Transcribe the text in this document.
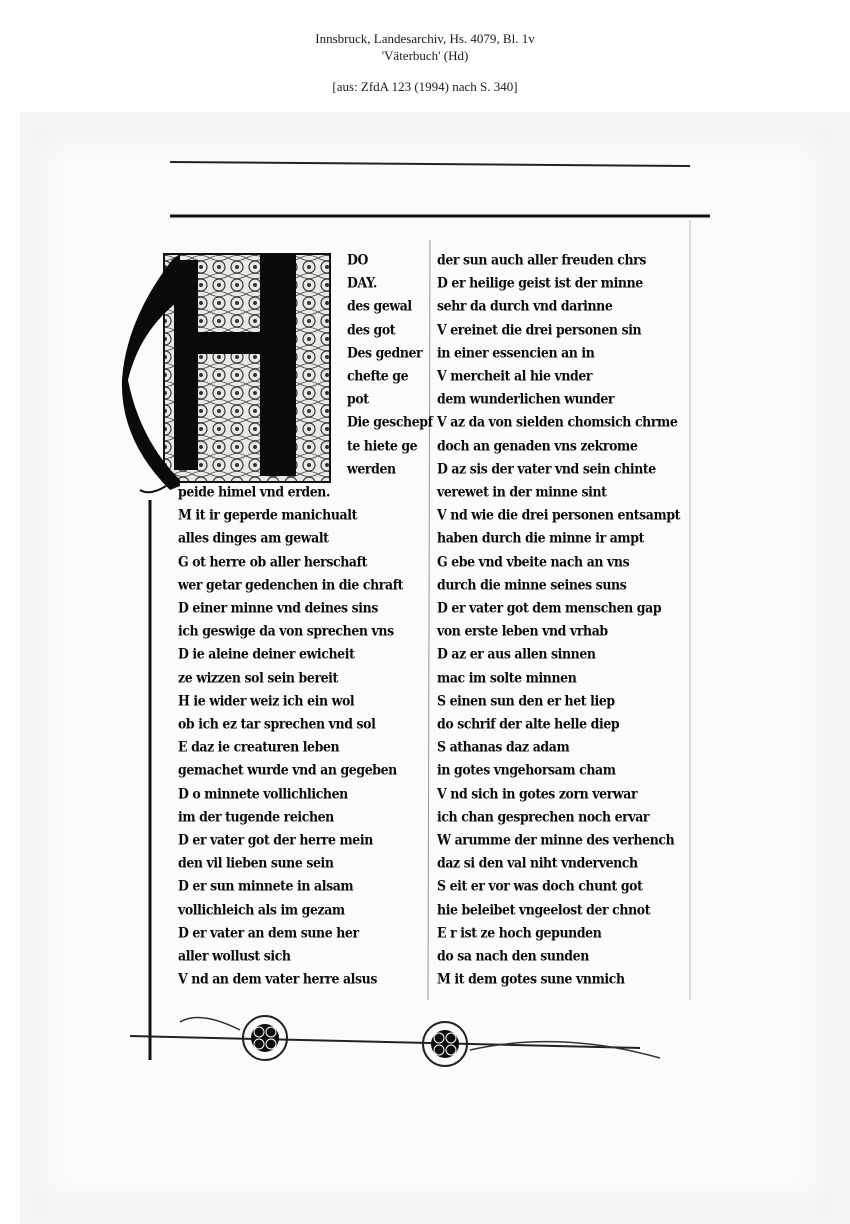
Innsbruck, Landesarchiv, Hs. 4079, Bl. 1v
'Väterbuch' (Hd)
[aus: ZfdA 123 (1994) nach S. 340]
DO
DAY.
des gewal
des got
Des gedner
chefte ge
pot
Die geschepf
te hiete ge
werden
peide himel vnd erden.
M it ir geperde manichualt
alles dinges am gewalt
G ot herre ob aller herschaft
wer getar gedenchen in die chraft
D einer minne vnd deines sins
ich geswige da von sprechen vns
D ie aleine deiner ewicheit
ze wizzen sol sein bereit
H ie wider weiz ich ein wol
ob ich ez tar sprechen vnd sol
E daz ie creaturen leben
gemachet wurde vnd an gegeben
D o minnete vollichlichen
im der tugende reichen
D er vater got der herre mein
den vil lieben sune sein
D er sun minnete in alsam
vollichleich als im gezam
D er vater an dem sune her
aller wollust sich
V nd an dem vater herre alsus
der sun auch aller freuden chrs
D er heilige geist ist der minne
sehr da durch vnd darinne
V ereinet die drei personen sin
in einer essencien an in
V mercheit al hie vnder
dem wunderlichen wunder
V az da von sielden chomsich chrme
doch an genaden vns zekrome
D az sis der vater vnd sein chinte
verewet in der minne sint
V nd wie die drei personen entsampt
haben durch die minne ir ampt
G ebe vnd vbeite nach an vns
durch die minne seines suns
D er vater got dem menschen gap
von erste leben vnd vrhab
D az er aus allen sinnen
mac im solte minnen
S einen sun den er het liep
do schrif der alte helle diep
S athanas daz adam
in gotes vngehorsam cham
V nd sich in gotes zorn verwar
ich chan gesprechen noch ervar
W arumme der minne des verhench
daz si den val niht vndervench
S eit er vor was doch chunt got
hie beleibet vngeelost der chnot
E r ist ze hoch gepunden
do sa nach den sunden
M it dem gotes sune vnmich
